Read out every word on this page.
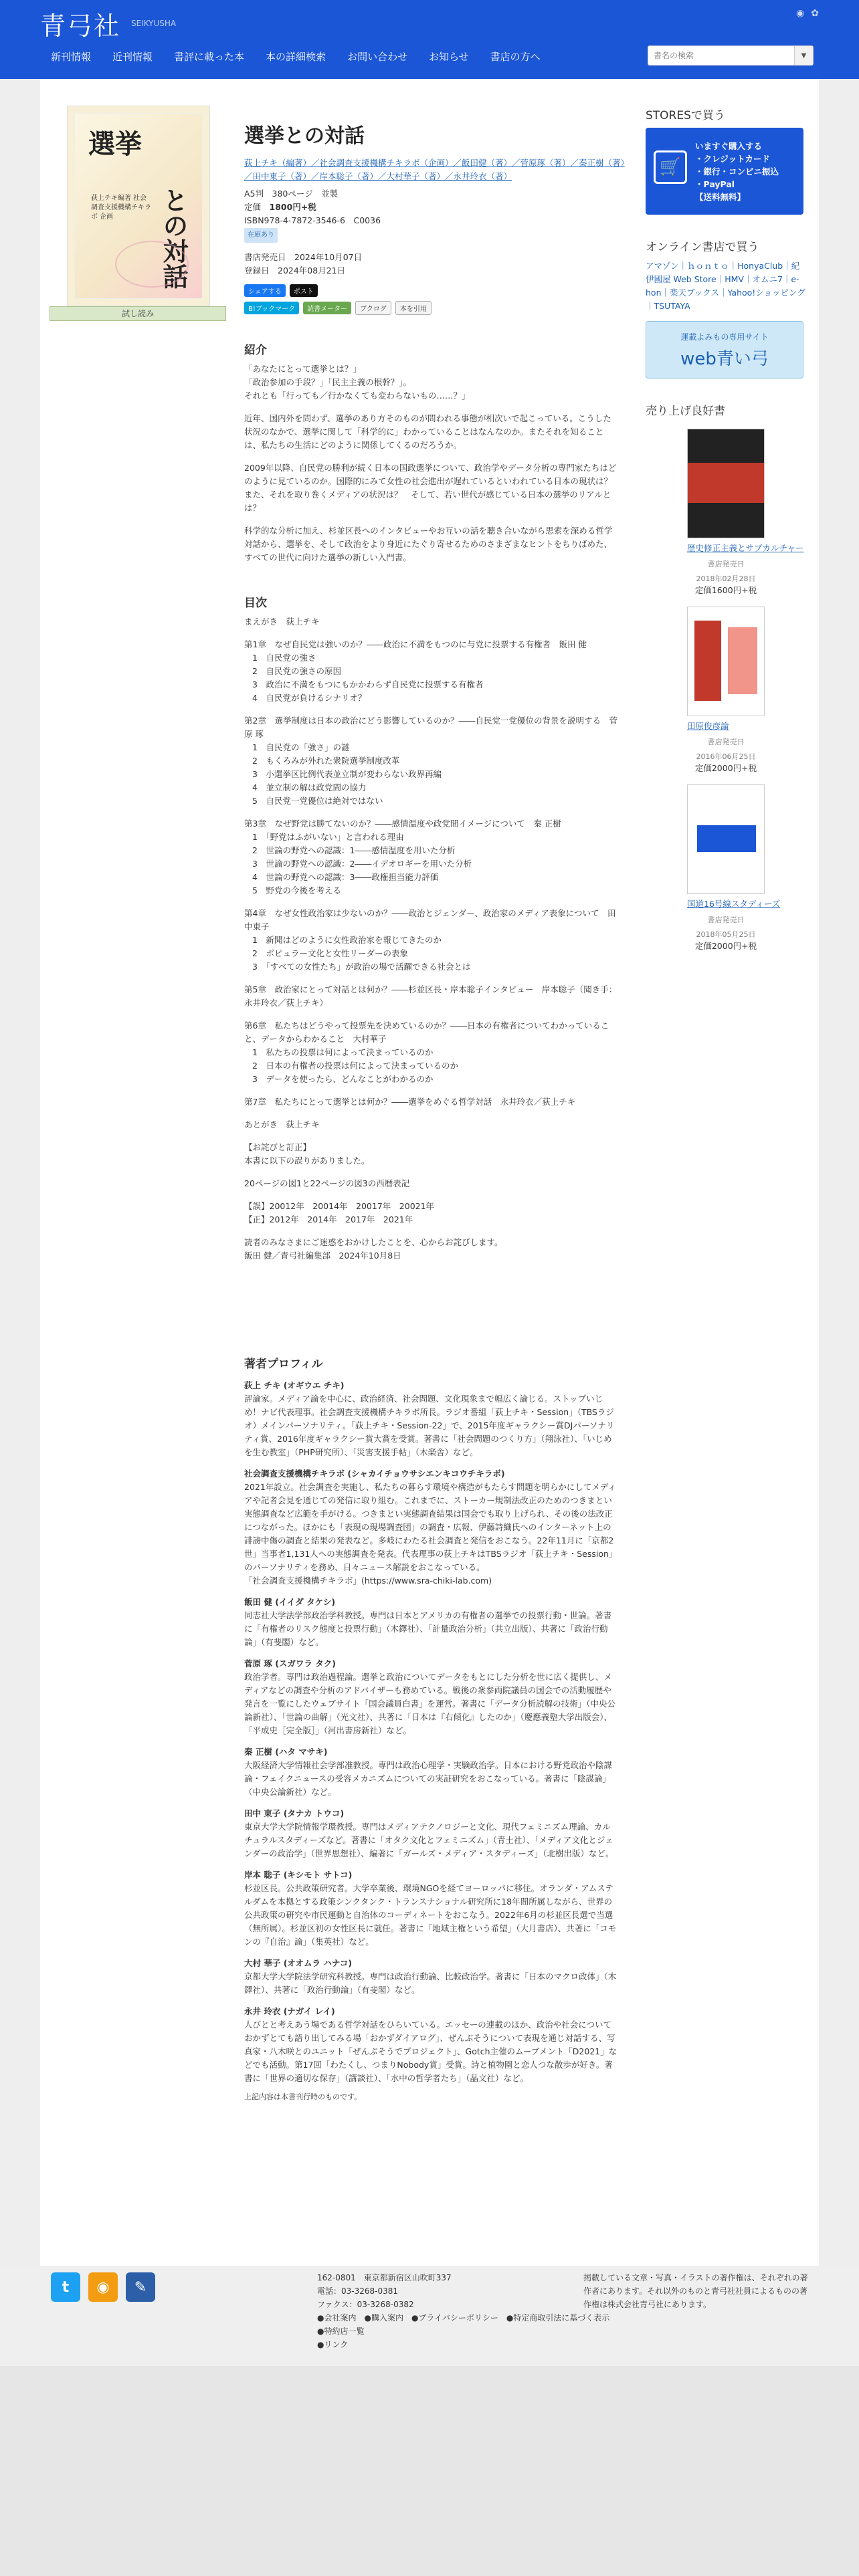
青弓社 SEIKYUSHA
◉ ✿
新刊情報	近刊情報	書評に載った本	本の詳細検索	お問い合わせ	お知らせ	書店の方へ
書名の検索	▼
選挙
との対話
荻上チキ編著 社会調査支援機構チキラボ 企画
試し読み
選挙との対話
荻上チキ（編著）／社会調査支援機構チキラボ（企画）／飯田健（著）／菅原琢（著）／秦正樹（著）／田中東子（著）／岸本聡子（著）／大村華子（著）／永井玲衣（著）
A5判　380ページ　並製
定価　 1800円+税
ISBN978-4-7872-3546-6　C0036
在庫あり
書店発売日　2024年10月07日
登録日　2024年08月21日
シェアする	ポスト
B!ブックマーク	読書メーター	ブクログ	本を引用
紹介
「あなたにとって選挙とは？」
「政治参加の手段？」「民主主義の根幹？」。
それとも「行っても／行かなくても変わらないもの……？」
近年、国内外を問わず、選挙のあり方そのものが問われる事態が相次いで起こっている。こうした状況のなかで、選挙に関して「科学的に」わかっていることはなんなのか。またそれを知ることは、私たちの生活にどのように関係してくるのだろうか。
2009年以降、自民党の勝利が続く日本の国政選挙について、政治学やデータ分析の専門家たちはどのように見ているのか。国際的にみて女性の社会進出が遅れているといわれている日本の現状は？　また、それを取り巻くメディアの状況は？　そして、若い世代が感じている日本の選挙のリアルとは？
科学的な分析に加え、杉並区長へのインタビューやお互いの話を聴き合いながら思索を深める哲学対話から、選挙を、そして政治をより身近にたぐり寄せるためのさまざまなヒントをちりばめた、すべての世代に向けた選挙の新しい入門書。
目次
まえがき　荻上チキ
第1章　なぜ自民党は強いのか？――政治に不満をもつのに与党に投票する有権者　飯田 健
1　自民党の強さ
2　自民党の強さの原因
3　政治に不満をもつにもかかわらず自民党に投票する有権者
4　自民党が負けるシナリオ？
第2章　選挙制度は日本の政治にどう影響しているのか？――自民党一党優位の背景を説明する　菅原 琢
1　自民党の「強さ」の謎
2　もくろみが外れた衆院選挙制度改革
3　小選挙区比例代表並立制が変わらない政界再編
4　並立制の解は政党間の協力
5　自民党一党優位は絶対ではない
第3章　なぜ野党は勝てないのか？――感情温度や政党間イメージについて　秦 正樹
1　「野党はふがいない」と言われる理由
2　世論の野党への認識：1――感情温度を用いた分析
3　世論の野党への認識：2――イデオロギーを用いた分析
4　世論の野党への認識：3――政権担当能力評価
5　野党の今後を考える
第4章　なぜ女性政治家は少ないのか？――政治とジェンダー、政治家のメディア表象について　田中東子
1　新聞はどのように女性政治家を報じてきたのか
2　ポピュラー文化と女性リーダーの表象
3　「すべての女性たち」が政治の場で活躍できる社会とは
第5章　政治家にとって対話とは何か？――杉並区長・岸本聡子インタビュー　岸本聡子（聞き手：永井玲衣／荻上チキ）
第6章　私たちはどうやって投票先を決めているのか？――日本の有権者についてわかっていること、データからわかること　大村華子
1　私たちの投票は何によって決まっているのか
2　日本の有権者の投票は何によって決まっているのか
3　データを使ったら、どんなことがわかるのか
第7章　私たちにとって選挙とは何か？――選挙をめぐる哲学対話　永井玲衣／荻上チキ
あとがき　荻上チキ
【お詫びと訂正】
本書に以下の誤りがありました。
20ページの図1と22ページの図3の西暦表記
【誤】20012年　20014年　20017年　20021年
【正】2012年　2014年　2017年　2021年
読者のみなさまにご迷惑をおかけしたことを、心からお詫びします。
飯田 健／青弓社編集部　2024年10月8日
著者プロフィル
荻上 チキ (オギウエ チキ)
評論家。メディア論を中心に、政治経済、社会問題、文化現象まで幅広く論じる。ストップいじめ！ナビ代表理事。社会調査支援機構チキラボ所長。ラジオ番組「荻上チキ・Session」（TBSラジオ）メインパーソナリティ。「荻上チキ・Session-22」で、2015年度ギャラクシー賞DJパーソナリティ賞、2016年度ギャラクシー賞大賞を受賞。著書に「社会問題のつくり方」（翔泳社）、「いじめを生む教室」（PHP研究所）、「災害支援手帖」（木楽舎）など。
社会調査支援機構チキラボ (シャカイチョウサシエンキコウチキラボ)
2021年設立。社会調査を実施し、私たちの暮らす環境や構造がもたらす問題を明らかにしてメディアや記者会見を通じての発信に取り組む。これまでに、ストーカー規制法改正のためのつきまとい実態調査など広範を手がける。つきまとい実態調査結果は国会でも取り上げられ、その後の法改正につながった。ほかにも「表現の現場調査団」の調査・広報、伊藤詩織氏へのインターネット上の誹謗中傷の調査と結果の発表など。多岐にわたる社会調査と発信をおこなう。22年11月に「京都2世」当事者1,131人への実態調査を発表。代表理事の荻上チキはTBSラジオ「荻上チキ・Session」のパーソナリティを務め、日々ニュース解説をおこなっている。
「社会調査支援機構チキラボ」(https://www.sra-chiki-lab.com)
飯田 健 (イイダ タケシ)
同志社大学法学部政治学科教授。専門は日本とアメリカの有権者の選挙での投票行動・世論。著書に「有権者のリスク態度と投票行動」（木鐸社）、「計量政治分析」（共立出版）、共著に「政治行動論」（有斐閣）など。
菅原 琢 (スガワラ タク)
政治学者。専門は政治過程論。選挙と政治についてデータをもとにした分析を世に広く提供し、メディアなどの調査や分析のアドバイザーも務めている。戦後の衆参両院議員の国会での活動履歴や発言を一覧にしたウェブサイト「国会議員白書」を運営。著書に「データ分析読解の技術」（中央公論新社）、「世論の曲解」（光文社）、共著に「日本は『右傾化』したのか」（慶應義塾大学出版会）、「平成史［完全版］」（河出書房新社）など。
秦 正樹 (ハタ マサキ)
大阪経済大学情報社会学部准教授。専門は政治心理学・実験政治学。日本における野党政治や陰謀論・フェイクニュースの受容メカニズムについての実証研究をおこなっている。著書に「陰謀論」（中央公論新社）など。
田中 東子 (タナカ トウコ)
東京大学大学院情報学環教授。専門はメディアテクノロジーと文化、現代フェミニズム理論、カルチュラルスタディーズなど。著書に「オタク文化とフェミニズム」（青土社）、「メディア文化とジェンダーの政治学」（世界思想社）、編著に「ガールズ・メディア・スタディーズ」（北樹出版）など。
岸本 聡子 (キシモト サトコ)
杉並区長。公共政策研究者。大学卒業後、環境NGOを経てヨーロッパに移住。オランダ・アムステルダムを本拠とする政策シンクタンク・トランスナショナル研究所に18年間所属しながら、世界の公共政策の研究や市民運動と自治体のコーディネートをおこなう。2022年6月の杉並区長選で当選（無所属）。杉並区初の女性区長に就任。著書に「地域主権という希望」（大月書店）、共著に「コモンの『自治』論」（集英社）など。
大村 華子 (オオムラ ハナコ)
京都大学大学院法学研究科教授。専門は政治行動論、比較政治学。著書に「日本のマクロ政体」（木鐸社）、共著に「政治行動論」（有斐閣）など。
永井 玲衣 (ナガイ レイ)
人びとと考えあう場である哲学対話をひらいている。エッセーの連載のほか、政治や社会についておかずとても語り出してみる場「おかずダイアログ」、ぜんぶそうについて表現を通じ対話する、写真家・八木咲とのユニット「ぜんぶそうでプロジェクト」、Gotch主催のムーブメント「D2021」などでも活動。第17回「わたくし、つまりNobody賞」受賞。詩と植物園と恋人つな散歩が好き。著書に「世界の適切な保存」（講談社）、「水中の哲学者たち」（晶文社）など。
上記内容は本書刊行時のものです。
STORESで買う
🛒
いますぐ購入する
・クレジットカード
・銀行・コンビニ振込
・PayPal
【送料無料】
オンライン書店で買う
アマゾン｜ｈｏｎｔｏ｜HonyaClub｜紀伊國屋 Web Store｜HMV｜オムニ7｜e-hon｜楽天ブックス｜Yahoo!ショッピング｜TSUTAYA
運載よみもの専用サイト
web青い弓
売り上げ良好書
歴史修正主義とサブカルチャー
書店発売日
2018年02月28日
定価1600円+税
田原俊彦論
書店発売日
2016年06月25日
定価2000円+税
国道16号線スタディーズ
書店発売日
2018年05月25日
定価2000円+税
t	◉	✎
162-0801　東京都新宿区山吹町337
電話：03-3268-0381
ファクス：03-3268-0382
●会社案内　●購入案内　●プライバシーポリシー　●特定商取引法に基づく表示
●特約店一覧
●リンク
掲載している文章・写真・イラストの著作権は、それぞれの著作者にあります。それ以外のものと青弓社社員によるものの著作権は株式会社青弓社にあります。
